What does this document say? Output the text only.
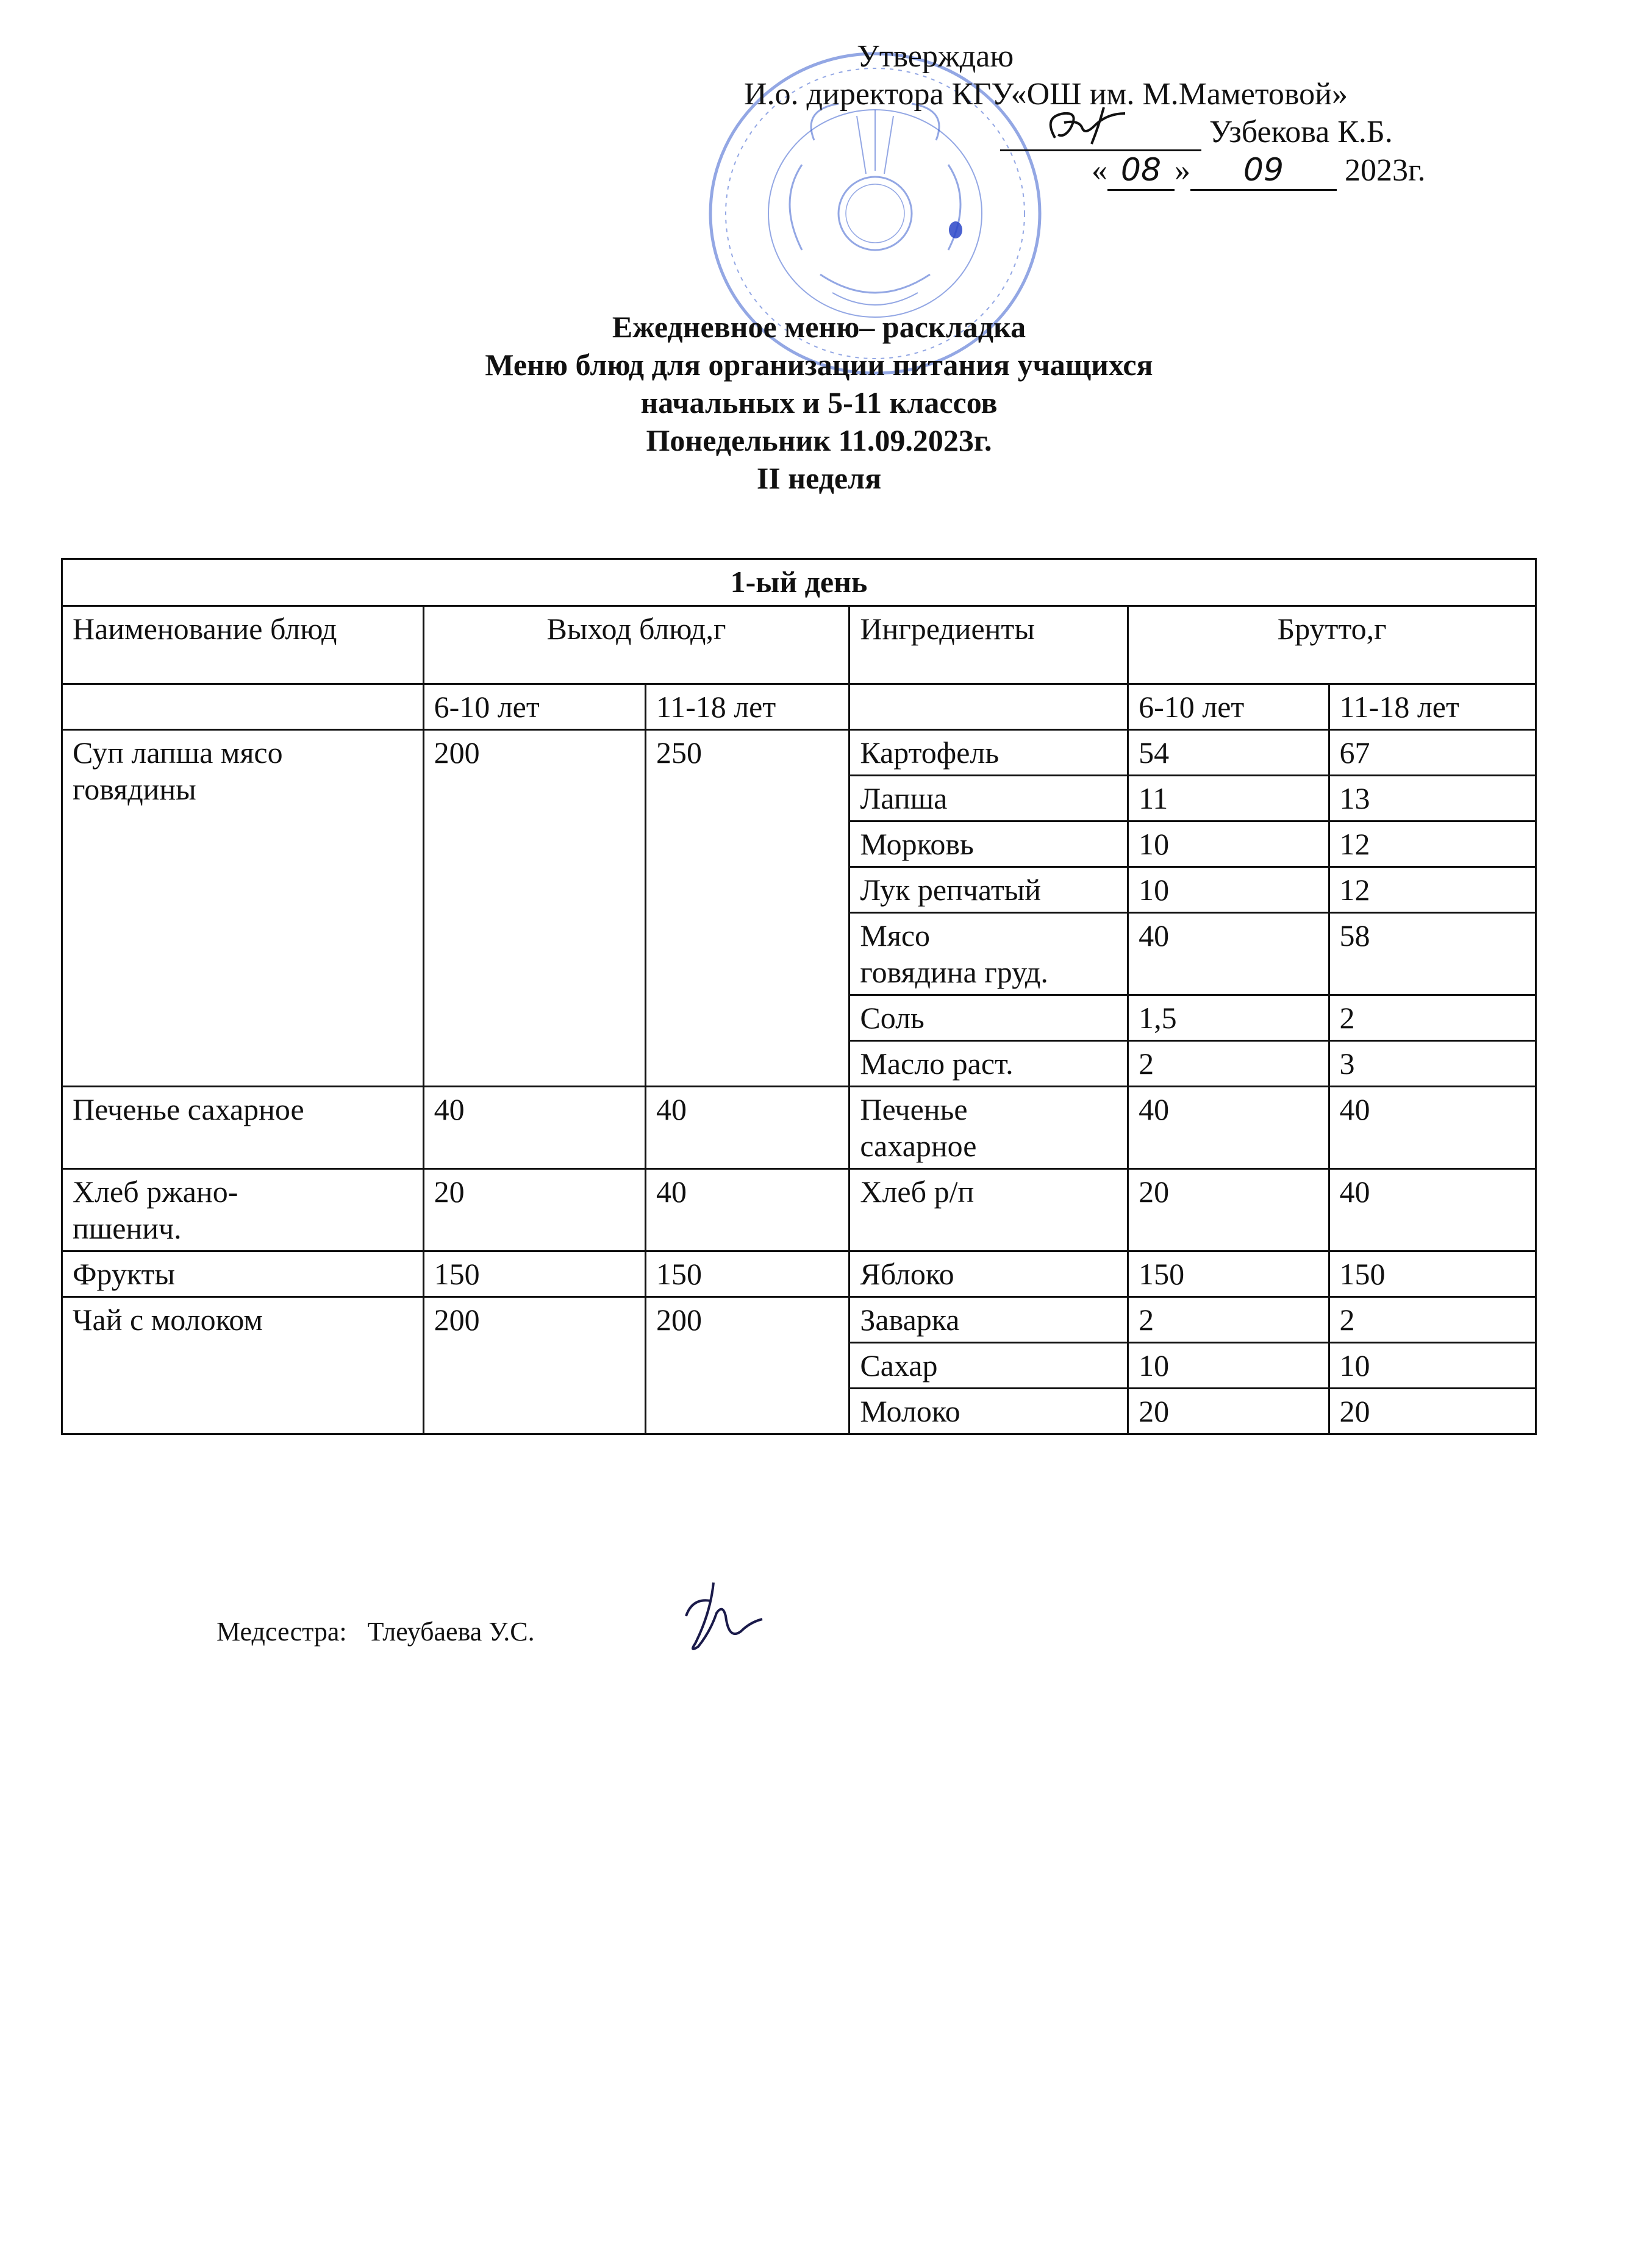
Утверждаю
И.о. директора КГУ«ОШ им. М.Маметовой»
Узбекова К.Б.
« 08 » 09 2023г.
Ежедневное меню– раскладка
Меню блюд для организации питания учащихся
начальных и 5-11 классов
Понедельник 11.09.2023г.
II неделя
1-ый день					
Наименование блюд	Выход блюд,г		Ингредиенты	Брутто,г	
	6-10 лет	11-18 лет		6-10 лет	11-18 лет
Суп лапша мясо говядины	200	250	Картофель	54	67
			Лапша	11	13
			Морковь	10	12
			Лук репчатый	10	12
			Мясо говядина груд.	40	58
			Соль	1,5	2
			Масло раст.	2	3
Печенье сахарное	40	40	Печенье сахарное	40	40
Хлеб ржано-пшенич.	20	40	Хлеб р/п	20	40
Фрукты	150	150	Яблоко	150	150
Чай с молоком	200	200	Заварка	2	2
			Сахар	10	10
			Молоко	20	20
Медсестра: Тлеубаева У.С.
